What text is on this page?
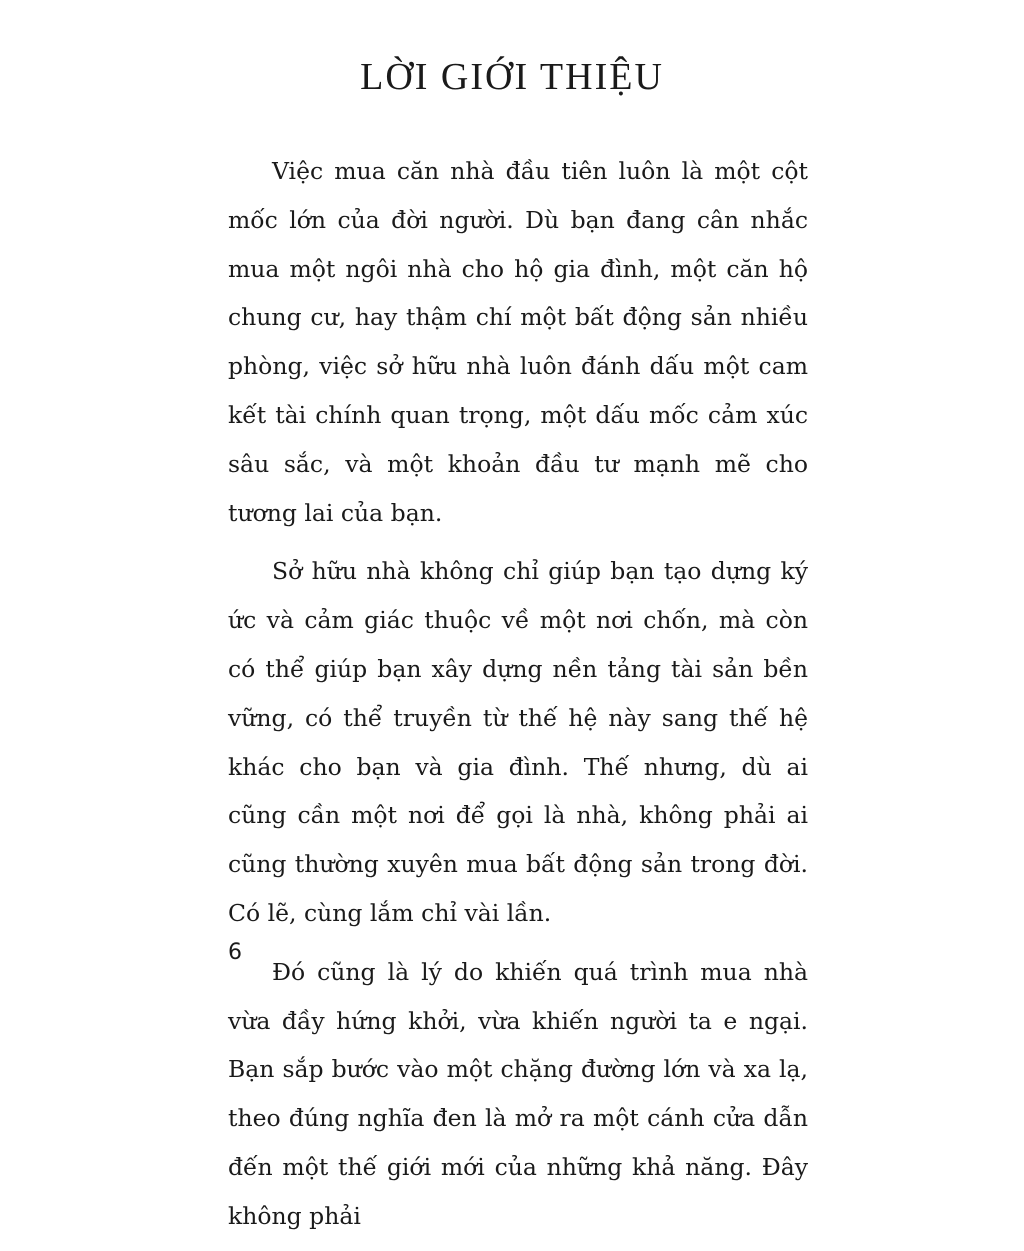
LỜI GIỚI THIỆU

Việc mua căn nhà đầu tiên luôn là một cột mốc lớn của đời người. Dù bạn đang cân nhắc mua một ngôi nhà cho hộ gia đình, một căn hộ chung cư, hay thậm chí một bất động sản nhiều phòng, việc sở hữu nhà luôn đánh dấu một cam kết tài chính quan trọng, một dấu mốc cảm xúc sâu sắc, và một khoản đầu tư mạnh mẽ cho tương lai của bạn.

Sở hữu nhà không chỉ giúp bạn tạo dựng ký ức và cảm giác thuộc về một nơi chốn, mà còn có thể giúp bạn xây dựng nền tảng tài sản bền vững, có thể truyền từ thế hệ này sang thế hệ khác cho bạn và gia đình. Thế nhưng, dù ai cũng cần một nơi để gọi là nhà, không phải ai cũng thường xuyên mua bất động sản trong đời. Có lẽ, cùng lắm chỉ vài lần.

Đó cũng là lý do khiến quá trình mua nhà vừa đầy hứng khởi, vừa khiến người ta e ngại. Bạn sắp bước vào một chặng đường lớn và xa lạ, theo đúng nghĩa đen là mở ra một cánh cửa dẫn đến một thế giới mới của những khả năng. Đây không phải

6
